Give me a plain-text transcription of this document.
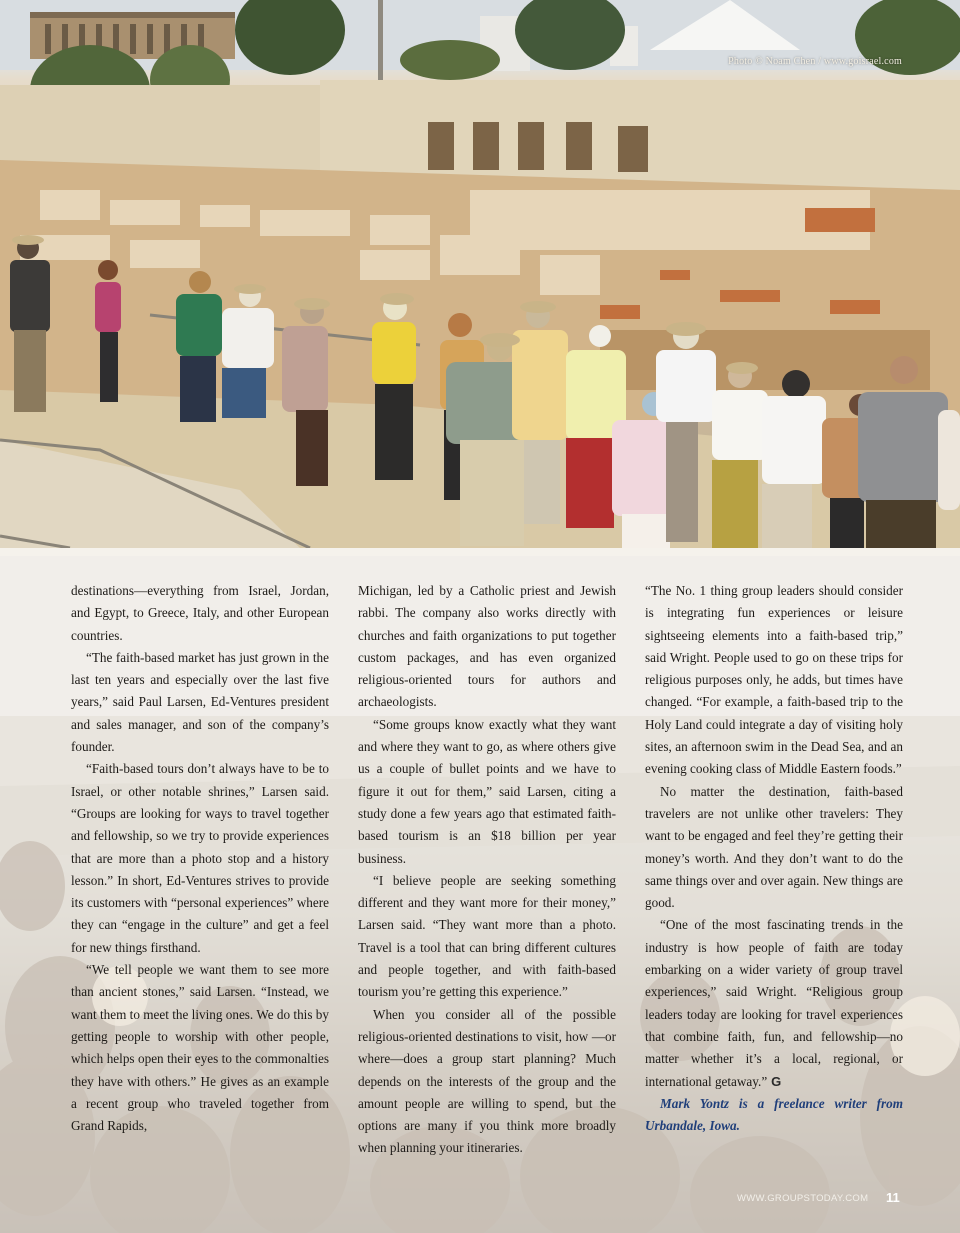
Photo © Noam Chen / www.goisrael.com

destinations—everything from Israel, Jordan, and Egypt, to Greece, Italy, and other European countries.

“The faith-based market has just grown in the last ten years and especially over the last five years,” said Paul Larsen, Ed-Ventures president and sales manager, and son of the company’s founder.

“Faith-based tours don’t always have to be to Israel, or other notable shrines,” Larsen said. “Groups are looking for ways to travel together and fellowship, so we try to provide experiences that are more than a photo stop and a history lesson.” In short, Ed-Ventures strives to provide its customers with “personal experiences” where they can “engage in the culture” and get a feel for new things firsthand.

“We tell people we want them to see more than ancient stones,” said Larsen. “Instead, we want them to meet the living ones. We do this by getting people to worship with other people, which helps open their eyes to the commonalties they have with others.” He gives as an example a recent group who traveled together from Grand Rapids,

Michigan, led by a Catholic priest and Jewish rabbi. The company also works directly with churches and faith organizations to put together custom packages, and has even organized religious-oriented tours for authors and archaeologists.

“Some groups know exactly what they want and where they want to go, as where others give us a couple of bullet points and we have to figure it out for them,” said Larsen, citing a study done a few years ago that estimated faith-based tourism is an $18 billion per year business.

“I believe people are seeking something different and they want more for their money,” Larsen said. “They want more than a photo. Travel is a tool that can bring different cultures and people together, and with faith-based tourism you’re getting this experience.”

When you consider all of the possible religious-oriented destinations to visit, how —or where—does a group start planning? Much depends on the interests of the group and the amount people are willing to spend, but the options are many if you think more broadly when planning your itineraries.

“The No. 1 thing group leaders should consider is integrating fun experiences or leisure sightseeing elements into a faith-based trip,” said Wright. People used to go on these trips for religious purposes only, he adds, but times have changed. “For example, a faith-based trip to the Holy Land could integrate a day of visiting holy sites, an afternoon swim in the Dead Sea, and an evening cooking class of Middle Eastern foods.”

No matter the destination, faith-based travelers are not unlike other travelers: They want to be engaged and feel they’re getting their money’s worth. And they don’t want to do the same things over and over again. New things are good.

“One of the most fascinating trends in the industry is how people of faith are today embarking on a wider variety of group travel experiences,” said Wright. “Religious group leaders today are looking for travel experiences that combine faith, fun, and fellowship—no matter whether it’s a local, regional, or international getaway.” G

Mark Yontz is a freelance writer from Urbandale, Iowa.

WWW.GROUPSTODAY.COM 11
